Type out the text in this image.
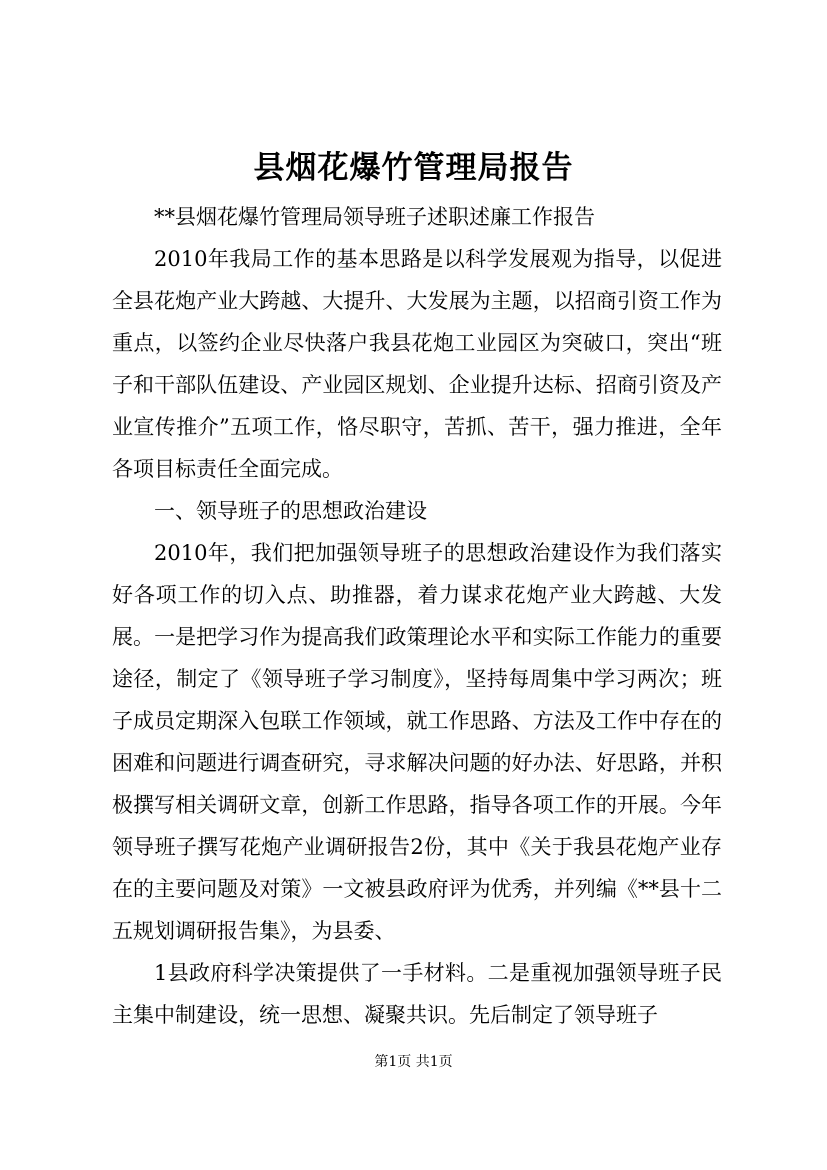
县烟花爆竹管理局报告

**县烟花爆竹管理局领导班子述职述廉工作报告

2010年我局工作的基本思路是以科学发展观为指导，以促进全县花炮产业大跨越、大提升、大发展为主题，以招商引资工作为重点，以签约企业尽快落户我县花炮工业园区为突破口，突出“班子和干部队伍建设、产业园区规划、企业提升达标、招商引资及产业宣传推介”五项工作，恪尽职守，苦抓、苦干，强力推进，全年各项目标责任全面完成。

一、领导班子的思想政治建设

2010年，我们把加强领导班子的思想政治建设作为我们落实好各项工作的切入点、助推器，着力谋求花炮产业大跨越、大发展。一是把学习作为提高我们政策理论水平和实际工作能力的重要途径，制定了《领导班子学习制度》，坚持每周集中学习两次；班子成员定期深入包联工作领域，就工作思路、方法及工作中存在的困难和问题进行调查研究，寻求解决问题的好办法、好思路，并积极撰写相关调研文章，创新工作思路，指导各项工作的开展。今年领导班子撰写花炮产业调研报告2份，其中《关于我县花炮产业存在的主要问题及对策》一文被县政府评为优秀，并列编《**县十二五规划调研报告集》，为县委、

1县政府科学决策提供了一手材料。二是重视加强领导班子民主集中制建设，统一思想、凝聚共识。先后制定了领导班子

第1页 共1页
